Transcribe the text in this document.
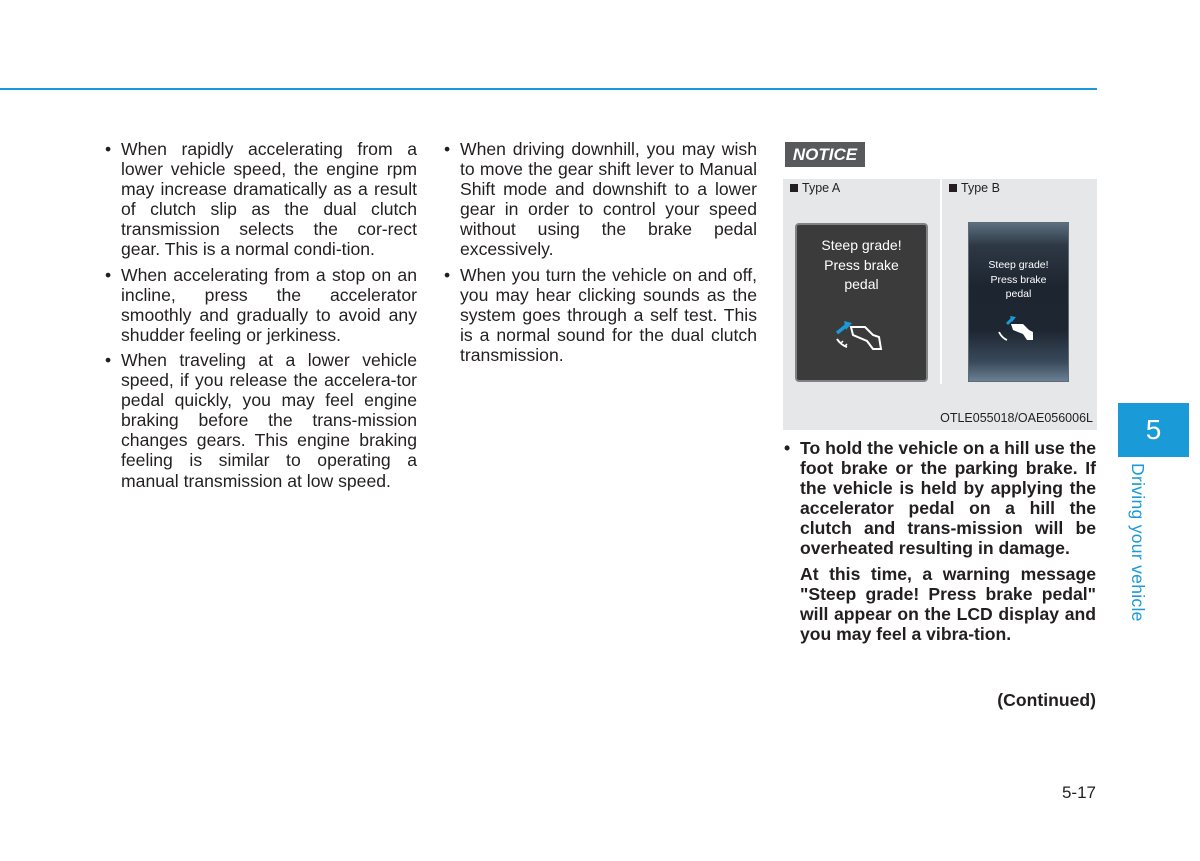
• When rapidly accelerating from a lower vehicle speed, the engine rpm may increase dramatically as a result of clutch slip as the dual clutch transmission selects the cor-rect gear. This is a normal condi-tion.
• When accelerating from a stop on an incline, press the accelerator smoothly and gradually to avoid any shudder feeling or jerkiness.
• When traveling at a lower vehicle speed, if you release the accelera-tor pedal quickly, you may feel engine braking before the trans-mission changes gears. This engine braking feeling is similar to operating a manual transmission at low speed.
• When driving downhill, you may wish to move the gear shift lever to Manual Shift mode and downshift to a lower gear in order to control your speed without using the brake pedal excessively.
• When you turn the vehicle on and off, you may hear clicking sounds as the system goes through a self test. This is a normal sound for the dual clutch transmission.
NOTICE
Type A	Type B
Steep grade!
Press brake
pedal
Steep grade!
Press brake
pedal
OTLE055018/OAE056006L
• To hold the vehicle on a hill use the foot brake or the parking brake. If the vehicle is held by applying the accelerator pedal on a hill the clutch and trans-mission will be overheated resulting in damage.
At this time, a warning message "Steep grade! Press brake pedal" will appear on the LCD display and you may feel a vibra-tion.
(Continued)
5-17
5
Driving your vehicle
